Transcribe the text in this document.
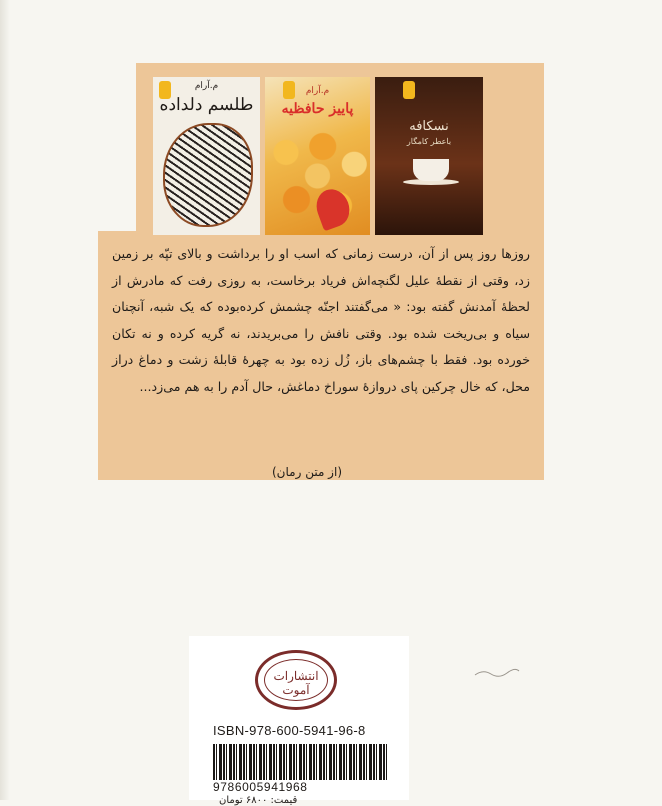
م.آرام
طلسم دلداده
م.آرام
پاییز حافظیه
نسکافه
باعطر کامگار

روزها روز پس از آن، درست زمانی که اسب او را برداشت و بالای تپّه بر زمین زد، وقتی از نقطهٔ علیل لگنچه‌اش فریاد برخاست، به روزی رفت که مادرش از لحظهٔ آمدنش گفته بود: « می‌گفتند اجنّه چشمش کرده‌بوده که یک شبه، آنچنان سیاه و بی‌ریخت شده بود. وقتی نافش را می‌بریدند، نه گریه کرده و نه تکان خورده بود. فقط با چشم‌های باز، زُل زده بود به چهرهٔ قابلهٔ زشت و دماغ دراز محل، که خال چرکین پای دروازهٔ سوراخ دماغش، حال آدم را به هم می‌زد...

(از متن رمان)
انتشارات آموت
ISBN-978-600-5941-96-8
9786005941968
قیمت: ۶۸۰۰ تومان
